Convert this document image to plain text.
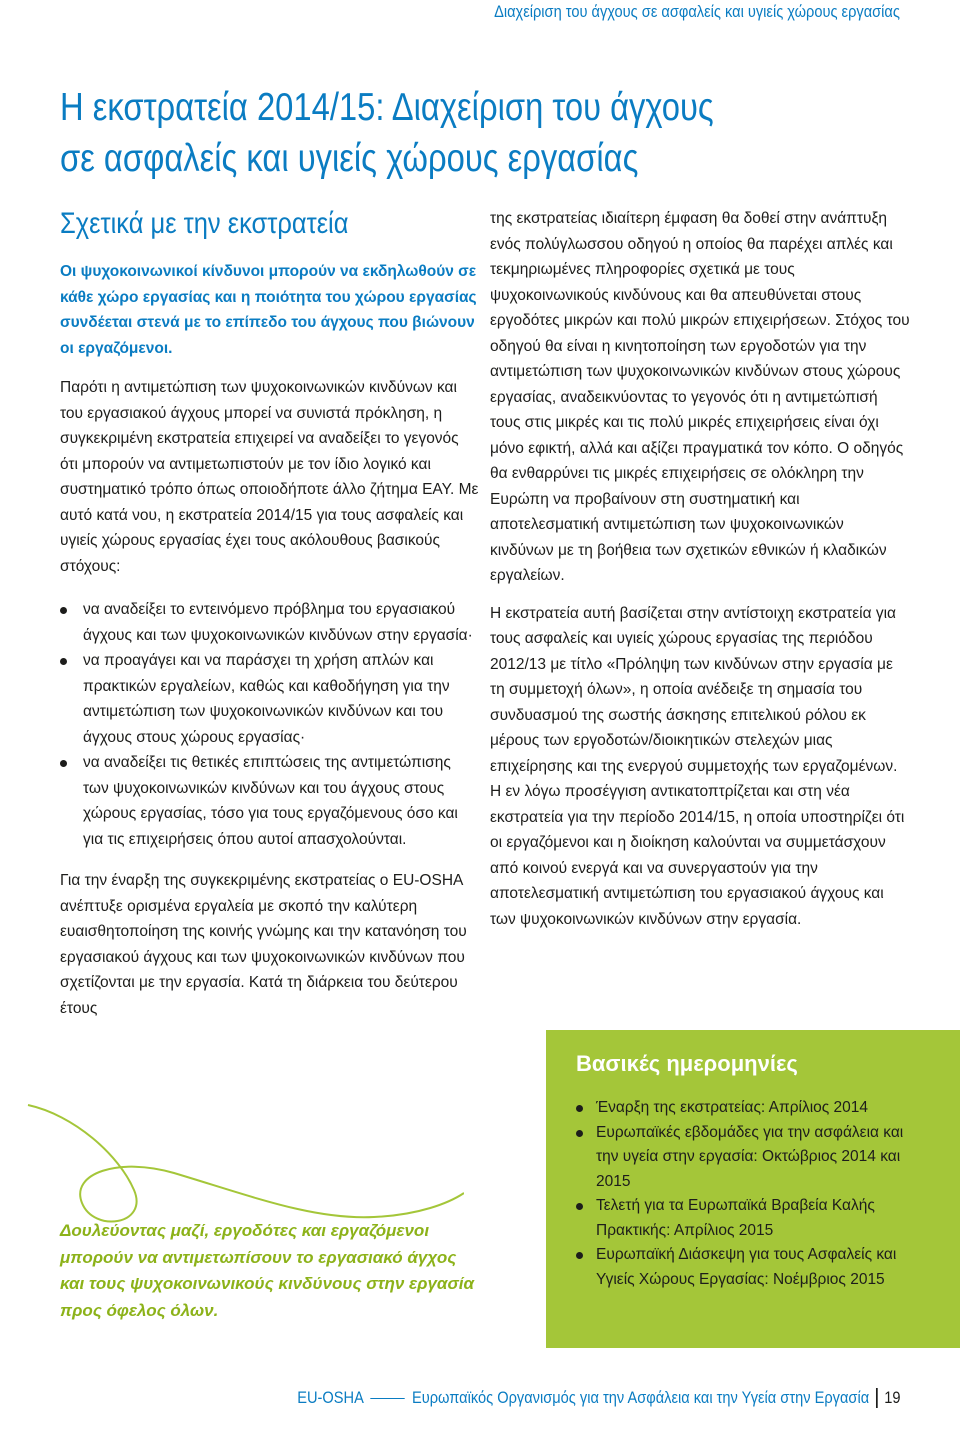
Διαχείριση του άγχους σε ασφαλείς και υγιείς χώρους εργασίας
Η εκστρατεία 2014/15: Διαχείριση του άγχους
σε ασφαλείς και υγιείς χώρους εργασίας
Σχετικά με την εκστρατεία

Οι ψυχοκοινωνικοί κίνδυνοι μπορούν να εκδηλωθούν σε κάθε χώρο εργασίας και η ποιότητα του χώρου εργασίας συνδέεται στενά με το επίπεδο του άγχους που βιώνουν οι εργαζόμενοι.

Παρότι η αντιμετώπιση των ψυχοκοινωνικών κινδύνων και του εργασιακού άγχους μπορεί να συνιστά πρόκληση, η συγκεκριμένη εκστρατεία επιχειρεί να αναδείξει το γεγονός ότι μπορούν να αντιμετωπιστούν με τον ίδιο λογικό και συστηματικό τρόπο όπως οποιοδήποτε άλλο ζήτημα ΕΑΥ. Με αυτό κατά νου, η εκστρατεία 2014/15 για τους ασφαλείς και υγιείς χώρους εργασίας έχει τους ακόλουθους βασικούς στόχους:

να αναδείξει το εντεινόμενο πρόβλημα του εργασιακού άγχους και των ψυχοκοινωνικών κινδύνων στην εργασία·
να προαγάγει και να παράσχει τη χρήση απλών και πρακτικών εργαλείων, καθώς και καθοδήγηση για την αντιμετώπιση των ψυχοκοινωνικών κινδύνων και του άγχους στους χώρους εργασίας·
να αναδείξει τις θετικές επιπτώσεις της αντιμετώπισης των ψυχοκοινωνικών κινδύνων και του άγχους στους χώρους εργασίας, τόσο για τους εργαζόμενους όσο και για τις επιχειρήσεις όπου αυτοί απασχολούνται.

Για την έναρξη της συγκεκριμένης εκστρατείας ο EU-OSHA ανέπτυξε ορισμένα εργαλεία με σκοπό την καλύτερη ευαισθητοποίηση της κοινής γνώμης και την κατανόηση του εργασιακού άγχους και των ψυχοκοινωνικών κινδύνων που σχετίζονται με την εργασία. Κατά τη διάρκεια του δεύτερου έτους

Δουλεύοντας μαζί, εργοδότες και εργαζόμενοι μπορούν να αντιμετωπίσουν το εργασιακό άγχος και τους ψυχοκοινωνικούς κινδύνους στην εργασία προς όφελος όλων.

της εκστρατείας ιδιαίτερη έμφαση θα δοθεί στην ανάπτυξη ενός πολύγλωσσου οδηγού η οποίος θα παρέχει απλές και τεκμηριωμένες πληροφορίες σχετικά με τους ψυχοκοινωνικούς κινδύνους και θα απευθύνεται στους εργοδότες μικρών και πολύ μικρών επιχειρήσεων. Στόχος του οδηγού θα είναι η κινητοποίηση των εργοδοτών για την αντιμετώπιση των ψυχοκοινωνικών κινδύνων στους χώρους εργασίας, αναδεικνύοντας το γεγονός ότι η αντιμετώπισή τους στις μικρές και τις πολύ μικρές επιχειρήσεις είναι όχι μόνο εφικτή, αλλά και αξίζει πραγματικά τον κόπο. Ο οδηγός θα ενθαρρύνει τις μικρές επιχειρήσεις σε ολόκληρη την Ευρώπη να προβαίνουν στη συστηματική και αποτελεσματική αντιμετώπιση των ψυχοκοινωνικών κινδύνων με τη βοήθεια των σχετικών εθνικών ή κλαδικών εργαλείων.

Η εκστρατεία αυτή βασίζεται στην αντίστοιχη εκστρατεία για τους ασφαλείς και υγιείς χώρους εργασίας της περιόδου 2012/13 με τίτλο «Πρόληψη των κινδύνων στην εργασία με τη συμμετοχή όλων», η οποία ανέδειξε τη σημασία του συνδυασμού της σωστής άσκησης επιτελικού ρόλου εκ μέρους των εργοδοτών/διοικητικών στελεχών μιας επιχείρησης και της ενεργού συμμετοχής των εργαζομένων. Η εν λόγω προσέγγιση αντικατοπτρίζεται και στη νέα εκστρατεία για την περίοδο 2014/15, η οποία υποστηρίζει ότι οι εργαζόμενοι και η διοίκηση καλούνται να συμμετάσχουν από κοινού ενεργά και να συνεργαστούν για την αποτελεσματική αντιμετώπιση του εργασιακού άγχους και των ψυχοκοινωνικών κινδύνων στην εργασία.

Βασικές ημερομηνίες
Έναρξη της εκστρατείας: Απρίλιος 2014
Ευρωπαϊκές εβδομάδες για την ασφάλεια και την υγεία στην εργασία: Οκτώβριος 2014 και 2015
Τελετή για τα Ευρωπαϊκά Βραβεία Καλής Πρακτικής: Απρίλιος 2015
Ευρωπαϊκή Διάσκεψη για τους Ασφαλείς και Υγιείς Χώρους Εργασίας: Νοέμβριος 2015
EU-OSHA	Ευρωπαϊκός Οργανισμός για την Ασφάλεια και την Υγεία στην Εργασία 19
